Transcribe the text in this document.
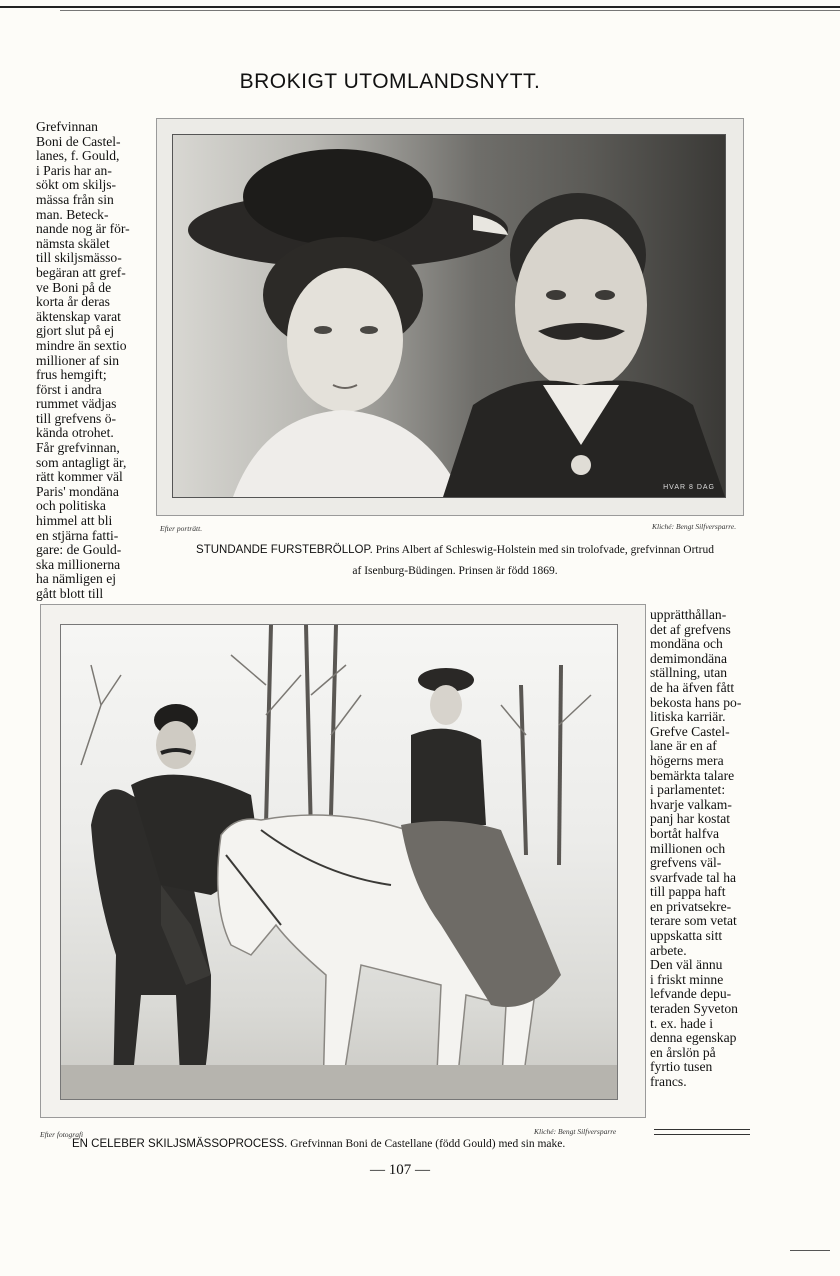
BROKIGT UTOMLANDSNYTT.
Grefvinnan
Boni de Castel-
lanes, f. Gould,
i Paris har an-
sökt om skiljs-
mässa från sin
man. Beteck-
nande nog är för-
nämsta skälet
till skiljsmässo-
begäran att gref-
ve Boni på de
korta år deras
äktenskap varat
gjort slut på ej
mindre än sextio
millioner af sin
frus hemgift;
först i andra
rummet vädjas
till grefvens ö-
kända otrohet.
Får grefvinnan,
som antagligt är,
rätt kommer väl
Paris' mondäna
och politiska
himmel att bli
en stjärna fatti-
gare: de Gould-
ska millionerna
ha nämligen ej
gått blott till
HVAR 8 DAG
Efter porträtt.	Kliché: Bengt Silfversparre.
STUNDANDE FURSTEBRÖLLOP. Prins Albert af Schleswig-Holstein med sin trolofvade, grefvinnan Ortrud
af Isenburg-Büdingen. Prinsen är född 1869.
Efter fotografi	Kliché: Bengt Silfversparre
EN CELEBER SKILJSMÄSSOPROCESS. Grefvinnan Boni de Castellane (född Gould) med sin make.
upprätthållan-
det af grefvens
mondäna och
demimondäna
ställning, utan
de ha äfven fått
bekosta hans po-
litiska karriär.
Grefve Castel-
lane är en af
högerns mera
bemärkta talare
i parlamentet:
hvarje valkam-
panj har kostat
bortåt halfva
millionen och
grefvens väl-
svarfvade tal ha
till pappa haft
en privatsekre-
terare som vetat
uppskatta sitt
arbete.
Den väl ännu
i friskt minne
lefvande depu-
teraden Syveton
t. ex. hade i
denna egenskap
en årslön på
fyrtio tusen
francs.
— 107 —
